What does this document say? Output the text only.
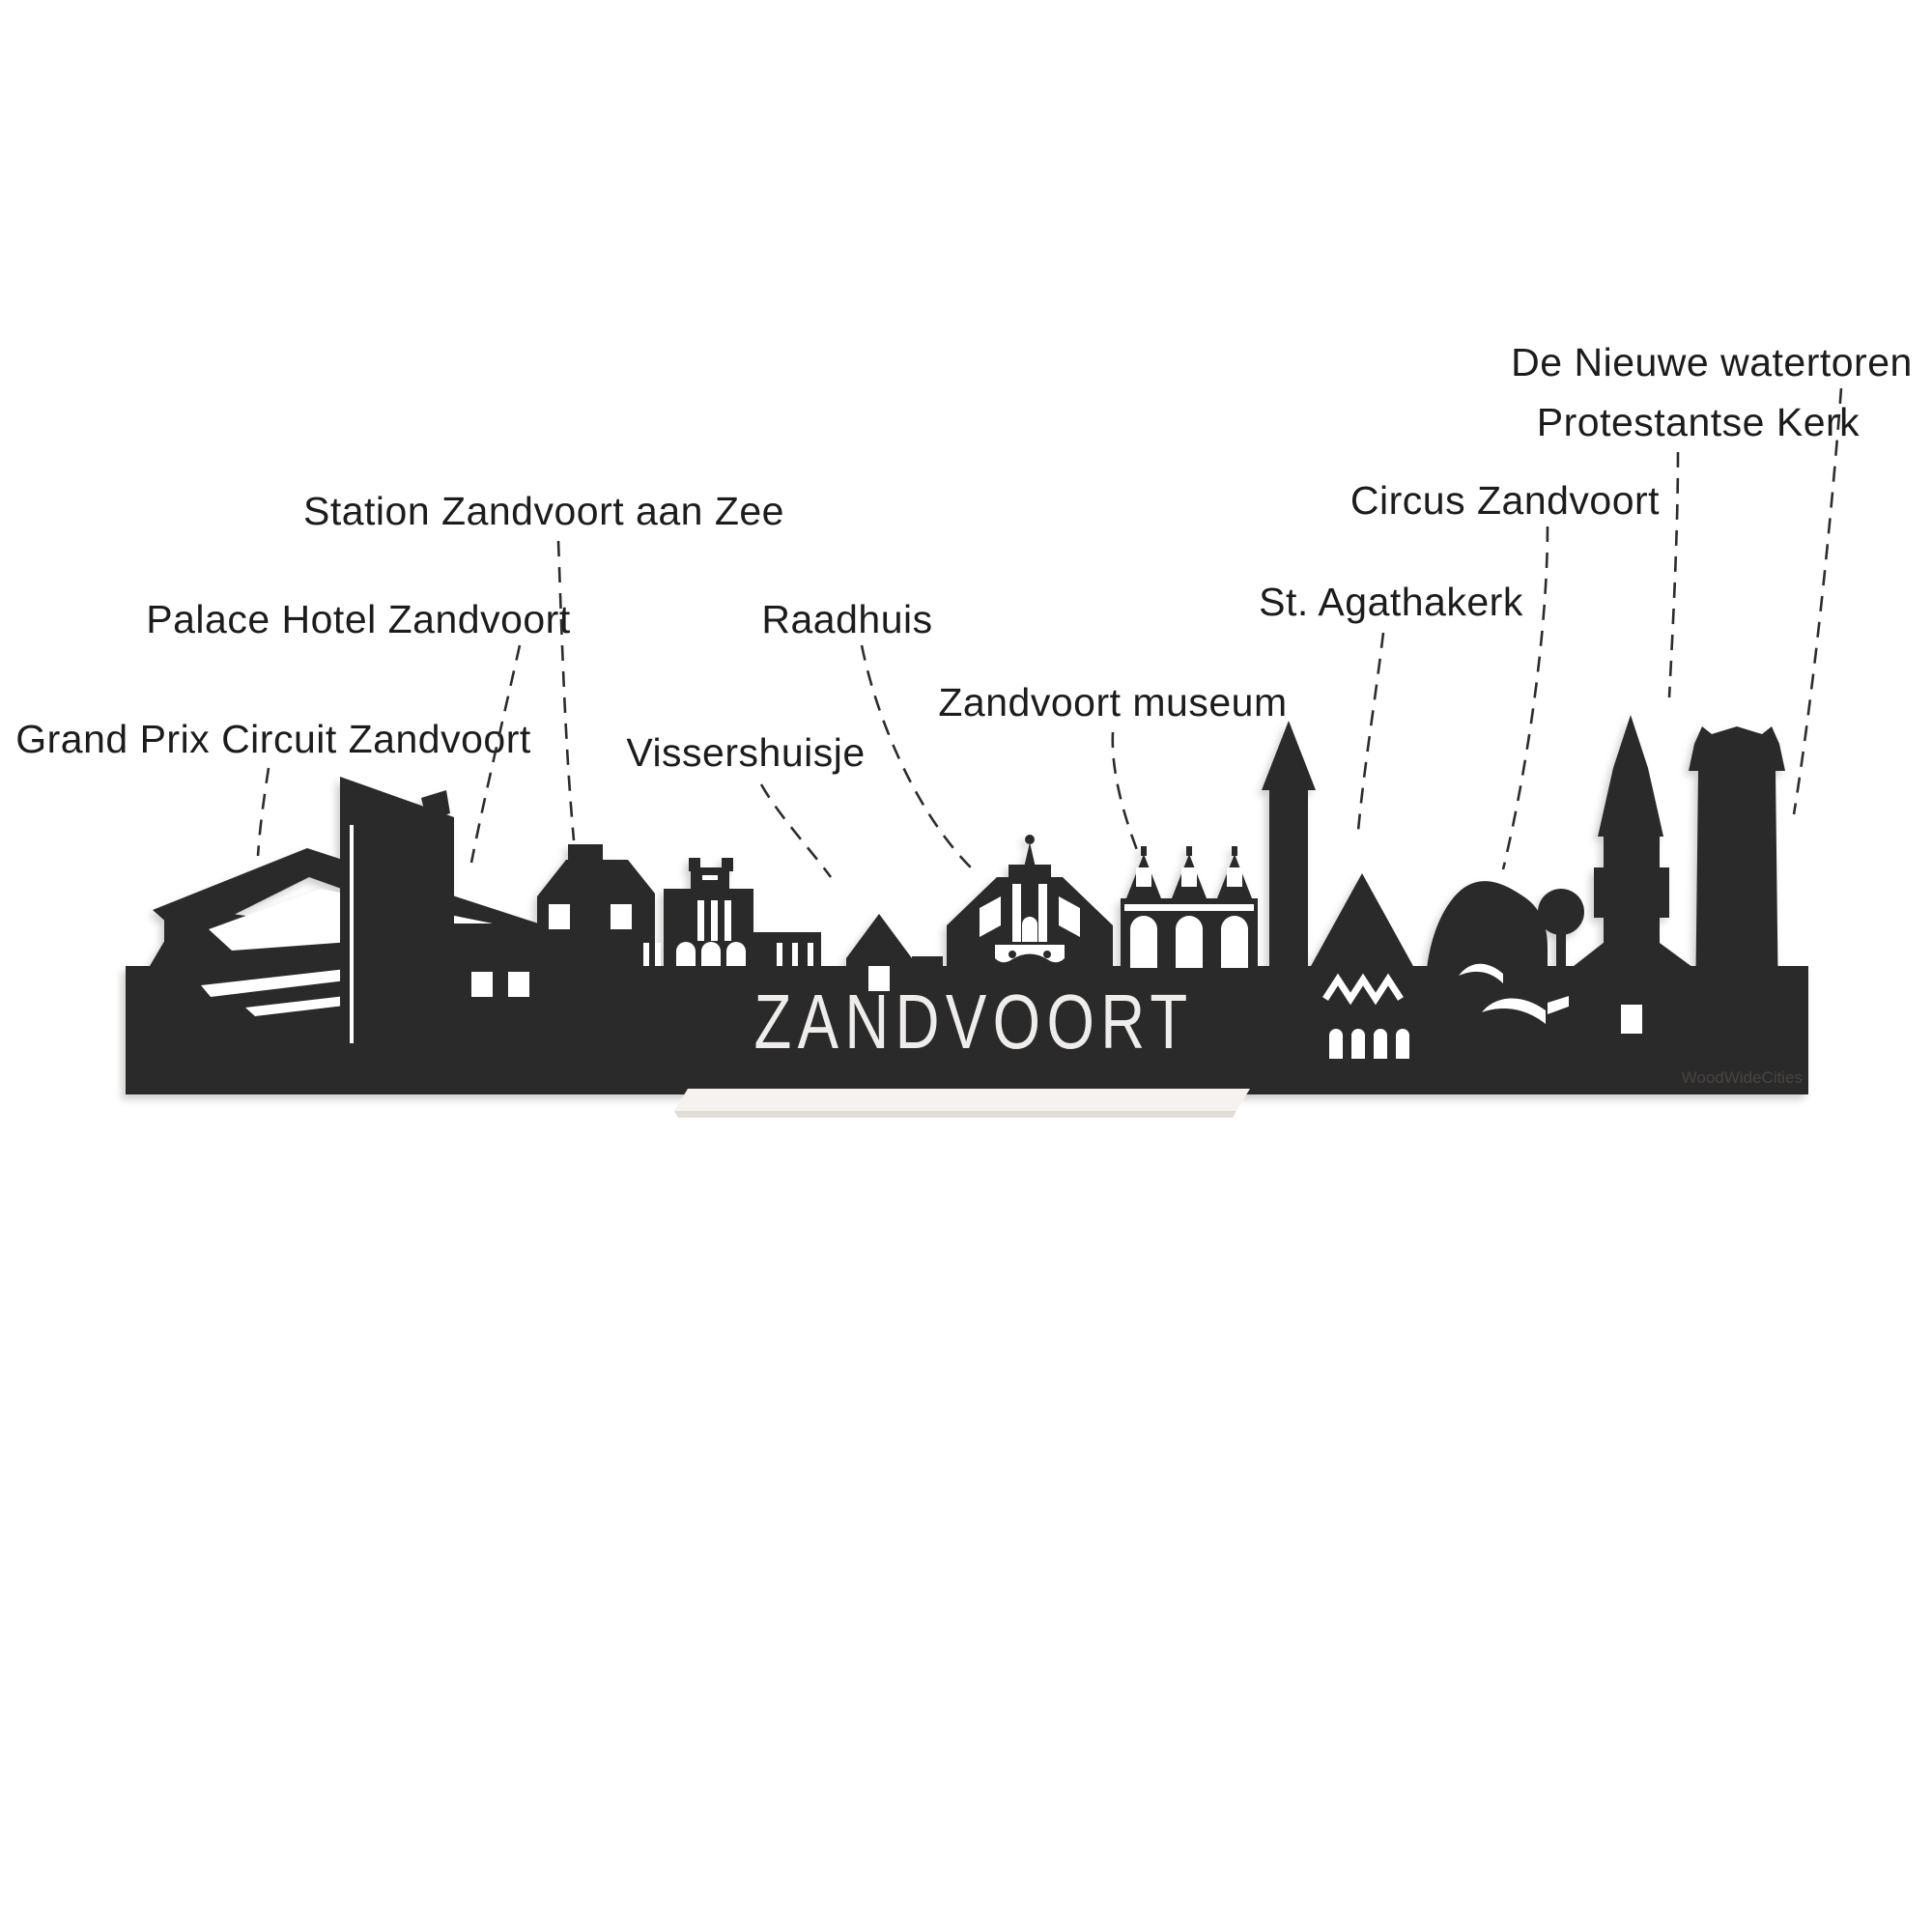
Grand Prix Circuit Zandvoort
Palace Hotel Zandvoort
Station Zandvoort aan Zee
Vissershuisje
Raadhuis
Zandvoort museum
St. Agathakerk
Circus Zandvoort
Protestantse Kerk
De Nieuwe watertoren
ZANDVOORT
WoodWideCities
